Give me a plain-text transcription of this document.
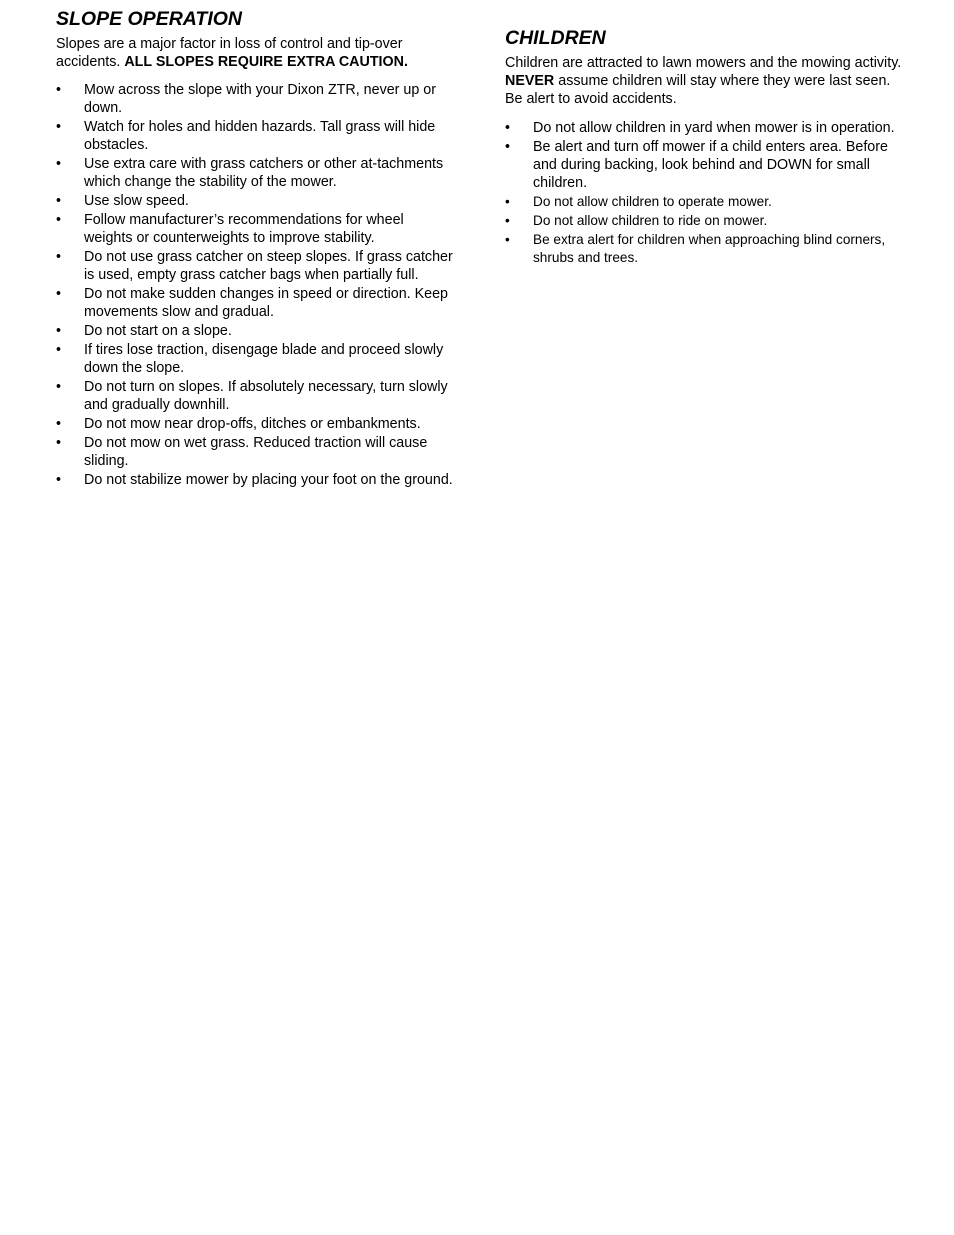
SLOPE OPERATION

Slopes are a major factor in loss of control and tip-over accidents. ALL SLOPES REQUIRE EXTRA CAUTION.

•	Mow across the slope with your Dixon ZTR, never up or down.
•	Watch for holes and hidden hazards. Tall grass will hide obstacles.
•	Use extra care with grass catchers or other at-tachments which change the stability of the mower.
•	Use slow speed.
•	Follow manufacturer’s recommendations for wheel weights or counterweights to improve stability.
•	Do not use grass catcher on steep slopes. If grass catcher is used, empty grass catcher bags when partially full.
•	Do not make sudden changes in speed or direction. Keep movements slow and gradual.
•	Do not start on a slope.
•	If tires lose traction, disengage blade and proceed slowly down the slope.
•	Do not turn on slopes. If absolutely necessary, turn slowly and gradually downhill.
•	Do not mow near drop-offs, ditches or embankments.
•	Do not mow on wet grass. Reduced traction will cause sliding.
•	Do not stabilize mower by placing your foot on the ground.
CHILDREN

Children are attracted to lawn mowers and the mowing activity. NEVER assume children will stay where they were last seen. Be alert to avoid accidents.

•	Do not allow children in yard when mower is in operation.
•	Be alert and turn off mower if a child enters area. Before and during backing, look behind and DOWN for small children.
•	Do not allow children to operate mower.
•	Do not allow children to ride on mower.
•	Be extra alert for children when approaching blind corners, shrubs and trees.
